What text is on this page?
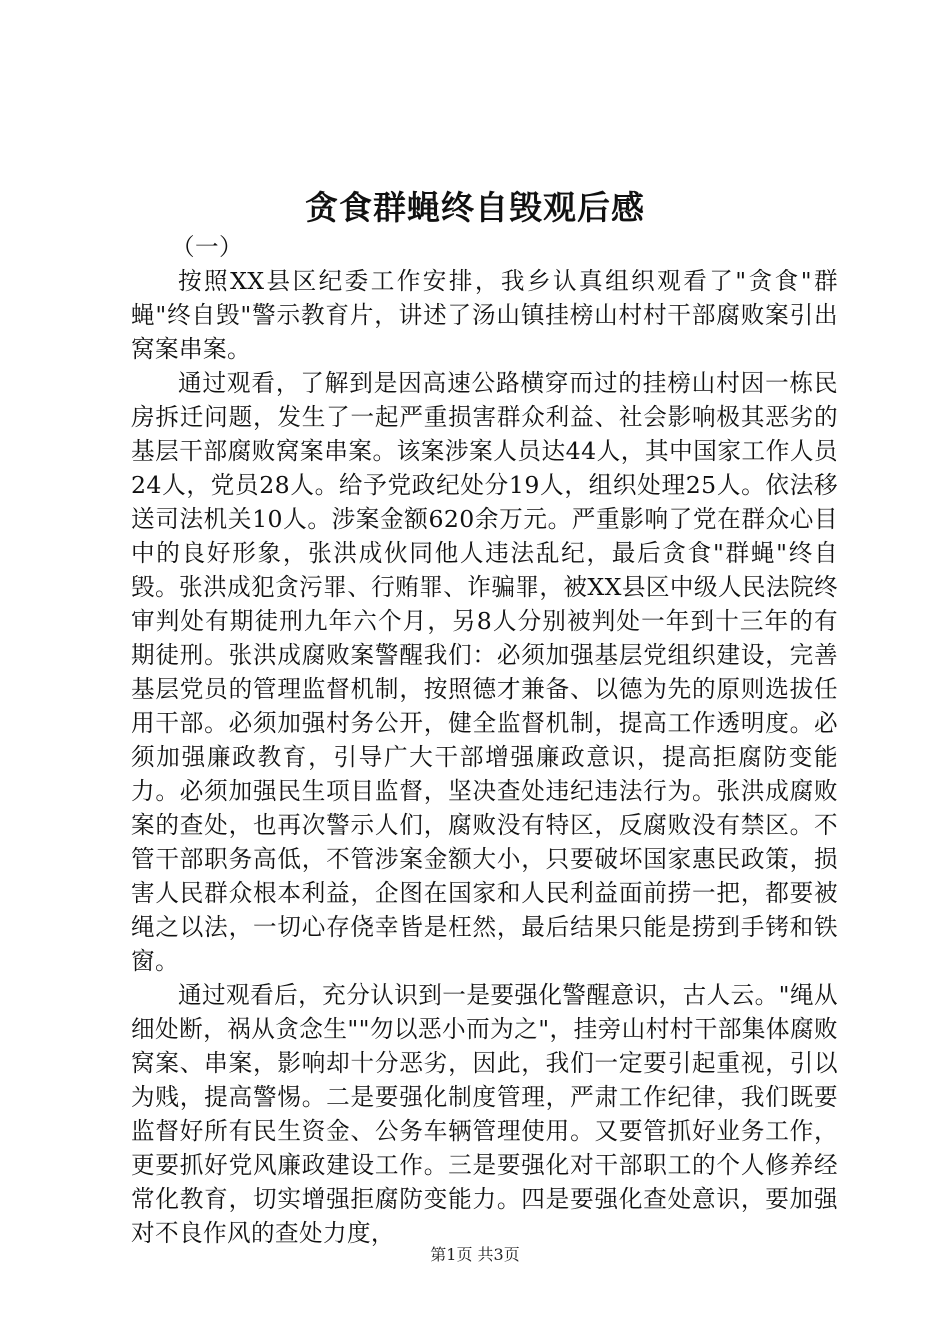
贪食群蝇终自毁观后感

（一）

按照XX县区纪委工作安排，我乡认真组织观看了"贪食"群蝇"终自毁"警示教育片，讲述了汤山镇挂榜山村村干部腐败案引出窝案串案。

通过观看，了解到是因高速公路横穿而过的挂榜山村因一栋民房拆迁问题，发生了一起严重损害群众利益、社会影响极其恶劣的基层干部腐败窝案串案。该案涉案人员达44人，其中国家工作人员24人，党员28人。给予党政纪处分19人，组织处理25人。依法移送司法机关10人。涉案金额620余万元。严重影响了党在群众心目中的良好形象，张洪成伙同他人违法乱纪，最后贪食"群蝇"终自毁。张洪成犯贪污罪、行贿罪、诈骗罪，被XX县区中级人民法院终审判处有期徒刑九年六个月，另8人分别被判处一年到十三年的有期徒刑。张洪成腐败案警醒我们：必须加强基层党组织建设，完善基层党员的管理监督机制，按照德才兼备、以德为先的原则选拔任用干部。必须加强村务公开，健全监督机制，提高工作透明度。必须加强廉政教育，引导广大干部增强廉政意识，提高拒腐防变能力。必须加强民生项目监督，坚决查处违纪违法行为。张洪成腐败案的查处，也再次警示人们，腐败没有特区，反腐败没有禁区。不管干部职务高低，不管涉案金额大小，只要破坏国家惠民政策，损害人民群众根本利益，企图在国家和人民利益面前捞一把，都要被绳之以法，一切心存侥幸皆是枉然，最后结果只能是捞到手铐和铁窗。

通过观看后，充分认识到一是要强化警醒意识，古人云。"绳从细处断，祸从贪念生""勿以恶小而为之"，挂旁山村村干部集体腐败窝案、串案，影响却十分恶劣，因此，我们一定要引起重视，引以为贱，提高警惕。二是要强化制度管理，严肃工作纪律，我们既要监督好所有民生资金、公务车辆管理使用。又要管抓好业务工作，更要抓好党风廉政建设工作。三是要强化对干部职工的个人修养经常化教育，切实增强拒腐防变能力。四是要强化查处意识，要加强对不良作风的查处力度，

第1页 共3页
